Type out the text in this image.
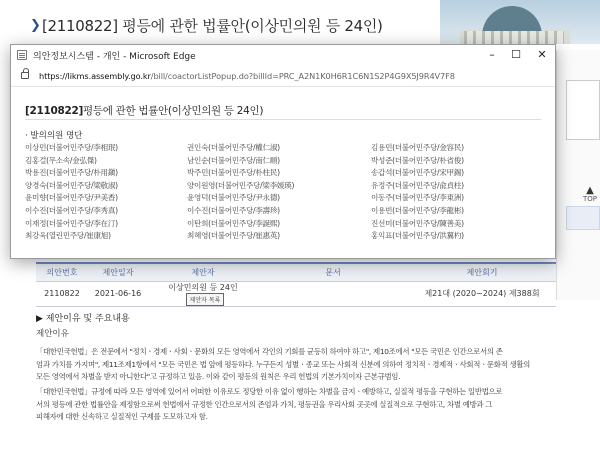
❯ [2110822] 평등에 관한 법률안(이상민의원 등 24인)
▲
TOP
의안번호	제안일자	제안자	문서	제안회기
2110822	2021-06-16	이상민의원 등 24인제안자 목록		제21대 (2020~2024) 제388회
▶ 제안이유 및 주요내용
제안이유
「대한민국헌법」은 전문에서 "정치ㆍ경제ㆍ사회ㆍ문화의 모든 영역에서 각인의 기회를 균등히 하여야 하고", 제10조에서 "모든 국민은 인간으로서의 존
엄과 가치를 가지며", 제11조제1항에서 "모든 국민은 법 앞에 평등하다. 누구든지 성별ㆍ종교 또는 사회적 신분에 의하여 정치적ㆍ경제적ㆍ사회적ㆍ문화적 생활의
모든 영역에서 차별을 받지 아니한다"고 규정하고 있음. 이와 같이 평등의 원칙은 우리 헌법의 기본가치이자 근본규범임.
「대한민국헌법」규정에 따라 모든 영역에 있어서 어떠한 이유로도 정당한 이유 없이 행하는 차별을 금지ㆍ예방하고, 실질적 평등을 구현하는 일반법으로
서의 평등에 관한 법률안을 제정함으로써 헌법에서 규정한 인간으로서의 존엄과 가치, 평등권을 우리사회 곳곳에 실질적으로 구현하고, 차별 예방과 그
피해자에 대한 신속하고 실질적인 구제를 도모하고자 함.
의안정보시스템 - 개인 - Microsoft Edge	–	☐	✕
https://likms.assembly.go.kr/bill/coactorListPopup.do?billId=PRC_A2N1K0H6R1C6N1S2P4G9X5J9R4V7F8
[2110822]평등에 관한 법률안(이상민의원 등 24인)
· 발의의원 명단
이상민(더불어민주당/李相珉)	권인숙(더불어민주당/權仁淑)	김용민(더불어민주당/金容民)
김홍걸(무소속/金弘傑)	남인순(더불어민주당/南仁順)	박성준(더불어민주당/朴省俊)
박용진(더불어민주당/朴用鎭)	박주민(더불어민주당/朴柱民)	송갑석(더불어민주당/宋甲錫)
양경숙(더불어민주당/梁敬淑)	양이원영(더불어민주당/梁李媛瑛)	유정주(더불어민주당/兪貞柱)
윤미향(더불어민주당/尹美香)	윤영덕(더불어민주당/尹永德)	이동주(더불어민주당/李東洲)
이수진(더불어민주당/李秀真)	이수진(더불어민주당/李壽珍)	이용빈(더불어민주당/李龍彬)
이재정(더불어민주당/李在汀)	이탄희(더불어민주당/李誕熙)	진선미(더불어민주당/陳善美)
최강욱(열린민주당/崔康旭)	최혜영(더불어민주당/崔惠英)	홍익표(더불어민주당/洪翼杓)
